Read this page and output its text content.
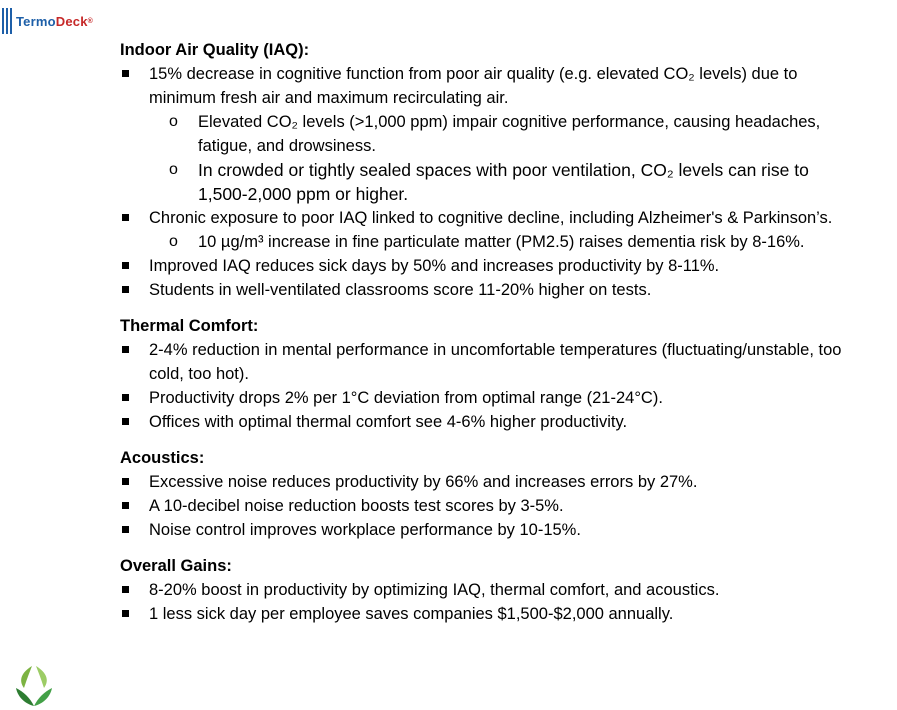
TermoDeck®

Indoor Air Quality (IAQ):

15% decrease in cognitive function from poor air quality (e.g. elevated CO₂ levels) due to minimum fresh air and maximum recirculating air.

o Elevated CO₂ levels (>1,000 ppm) impair cognitive performance, causing headaches, fatigue, and drowsiness.

o In crowded or tightly sealed spaces with poor ventilation, CO₂ levels can rise to 1,500-2,000 ppm or higher.

Chronic exposure to poor IAQ linked to cognitive decline, including Alzheimer's & Parkinson’s.

o 10 µg/m³ increase in fine particulate matter (PM2.5) raises dementia risk by 8-16%.

Improved IAQ reduces sick days by 50% and increases productivity by 8-11%.

Students in well-ventilated classrooms score 11-20% higher on tests.

Thermal Comfort:

2-4% reduction in mental performance in uncomfortable temperatures (fluctuating/unstable, too cold, too hot).

Productivity drops 2% per 1°C deviation from optimal range (21-24°C).

Offices with optimal thermal comfort see 4-6% higher productivity.

Acoustics:

Excessive noise reduces productivity by 66% and increases errors by 27%.

A 10-decibel noise reduction boosts test scores by 3-5%.

Noise control improves workplace performance by 10-15%.

Overall Gains:

8-20% boost in productivity by optimizing IAQ, thermal comfort, and acoustics.

1 less sick day per employee saves companies $1,500-$2,000 annually.
